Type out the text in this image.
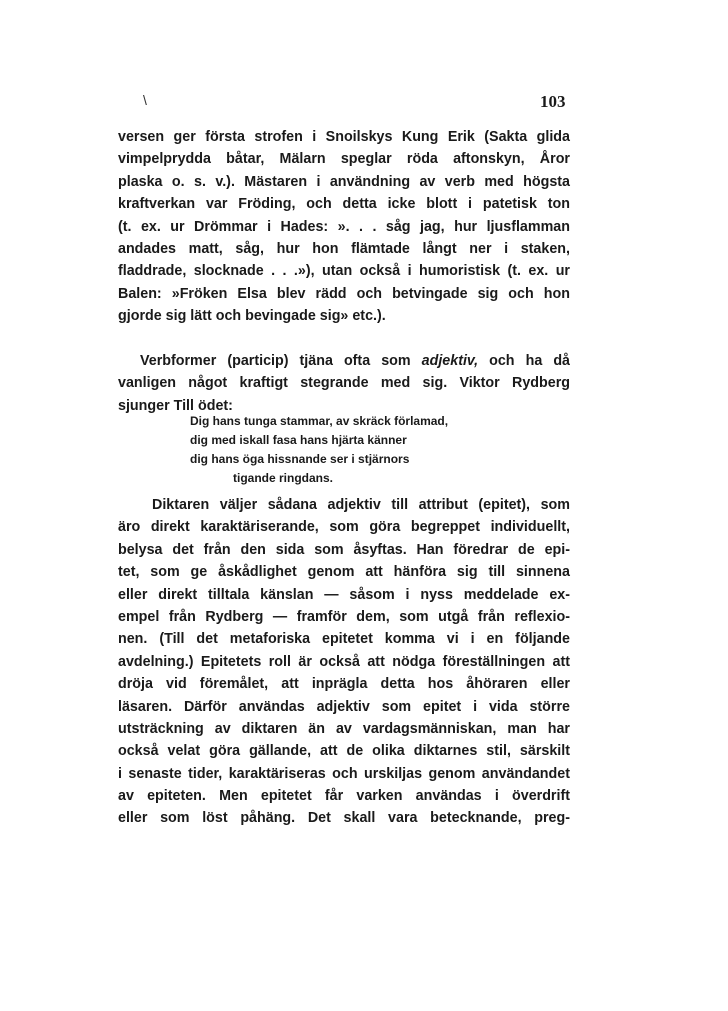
\	103
versen ger första strofen i Snoilskys Kung Erik (Sakta glida
vimpelprydda båtar, Mälarn speglar röda aftonskyn, Åror
plaska o. s. v.). Mästaren i användning av verb med högsta
kraftverkan var Fröding, och detta icke blott i patetisk ton
(t. ex. ur Drömmar i Hades: ». . . såg jag, hur ljusflamman
andades matt, såg, hur hon flämtade långt ner i staken,
fladdrade, slocknade . . .»), utan också i humoristisk (t. ex. ur
Balen: »Fröken Elsa blev rädd och betvingade sig och hon
gjorde sig lätt och bevingade sig» etc.).
Verbformer (particip) tjäna ofta som adjektiv, och ha då
vanligen något kraftigt stegrande med sig. Viktor Rydberg
sjunger Till ödet:
Dig hans tunga stammar, av skräck förlamad,
dig med iskall fasa hans hjärta känner
dig hans öga hissnande ser i stjärnors
tigande ringdans.
Diktaren väljer sådana adjektiv till attribut (epitet), som
äro direkt karaktäriserande, som göra begreppet individuellt,
belysa det från den sida som åsyftas. Han föredrar de epi-
tet, som ge åskådlighet genom att hänföra sig till sinnena
eller direkt tilltala känslan — såsom i nyss meddelade ex-
empel från Rydberg — framför dem, som utgå från reflexio-
nen. (Till det metaforiska epitetet komma vi i en följande
avdelning.) Epitetets roll är också att nödga föreställningen att
dröja vid föremålet, att inprägla detta hos åhöraren eller
läsaren. Därför användas adjektiv som epitet i vida större
utsträckning av diktaren än av vardagsmänniskan, man har
också velat göra gällande, att de olika diktarnes stil, särskilt
i senaste tider, karaktäriseras och urskiljas genom användandet
av epiteten. Men epitetet får varken användas i överdrift
eller som löst påhäng. Det skall vara betecknande, preg-
